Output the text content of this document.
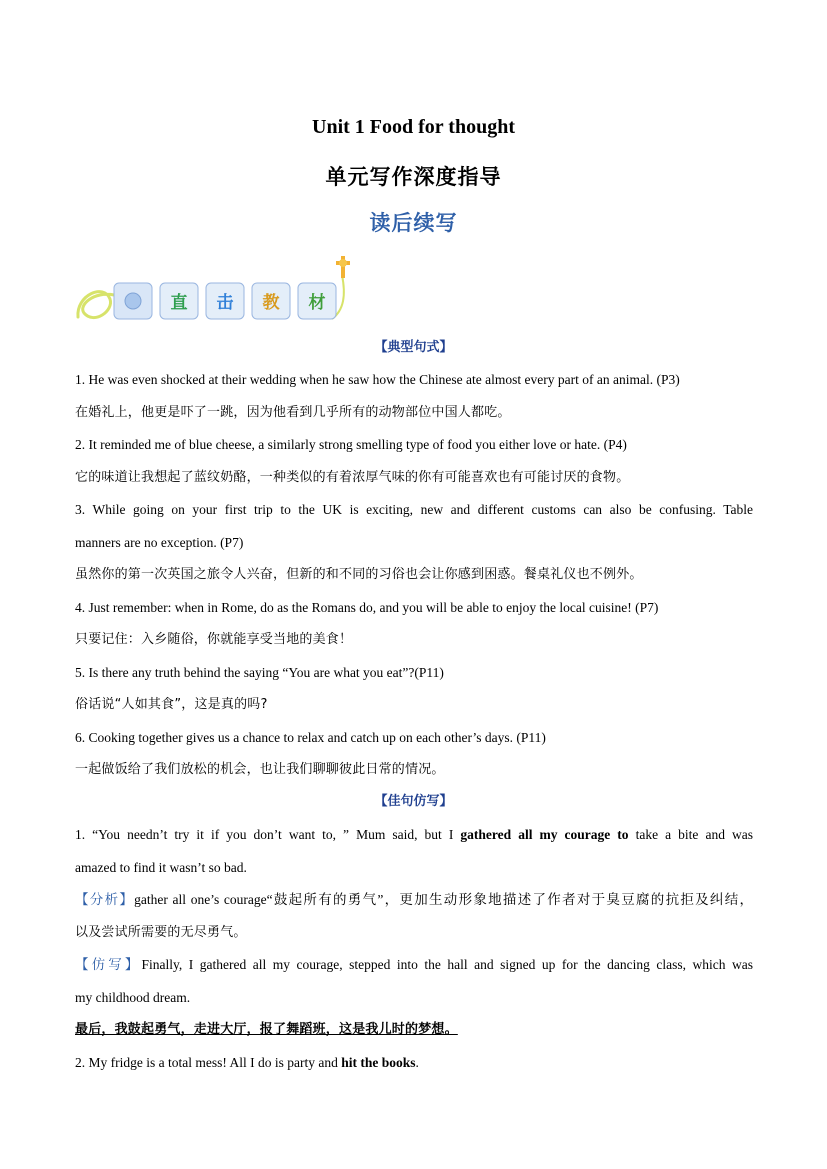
Unit 1 Food for thought
单元写作深度指导
读后续写
直 击 教 材
【典型句式】
1. He was even shocked at their wedding when he saw how the Chinese ate almost every part of an animal. (P3)
在婚礼上，他更是吓了一跳，因为他看到几乎所有的动物部位中国人都吃。
2. It reminded me of blue cheese, a similarly strong smelling type of food you either love or hate. (P4)
它的味道让我想起了蓝纹奶酪，一种类似的有着浓厚气味的你有可能喜欢也有可能讨厌的食物。
3. While going on your first trip to the UK is exciting, new and different customs can also be confusing. Table
manners are no exception. (P7)
虽然你的第一次英国之旅令人兴奋，但新的和不同的习俗也会让你感到困惑。餐桌礼仪也不例外。
4. Just remember: when in Rome, do as the Romans do, and you will be able to enjoy the local cuisine! (P7)
只要记住：入乡随俗，你就能享受当地的美食！
5. Is there any truth behind the saying “You are what you eat”?(P11)
俗话说“人如其食”，这是真的吗?
6. Cooking together gives us a chance to relax and catch up on each other’s days. (P11)
一起做饭给了我们放松的机会，也让我们聊聊彼此日常的情况。
【佳句仿写】
1. “You needn’t try it if you don’t want to, ” Mum said, but I gathered all my courage to take a bite and was
amazed to find it wasn’t so bad.
【分析】gather all one’s courage“鼓起所有的勇气”，更加生动形象地描述了作者对于臭豆腐的抗拒及纠结，
以及尝试所需要的无尽勇气。
【仿写】Finally, I gathered all my courage, stepped into the hall and signed up for the dancing class, which was
my childhood dream.
最后，我鼓起勇气，走进大厅，报了舞蹈班，这是我儿时的梦想。
2. My fridge is a total mess! All I do is party and hit the books.
